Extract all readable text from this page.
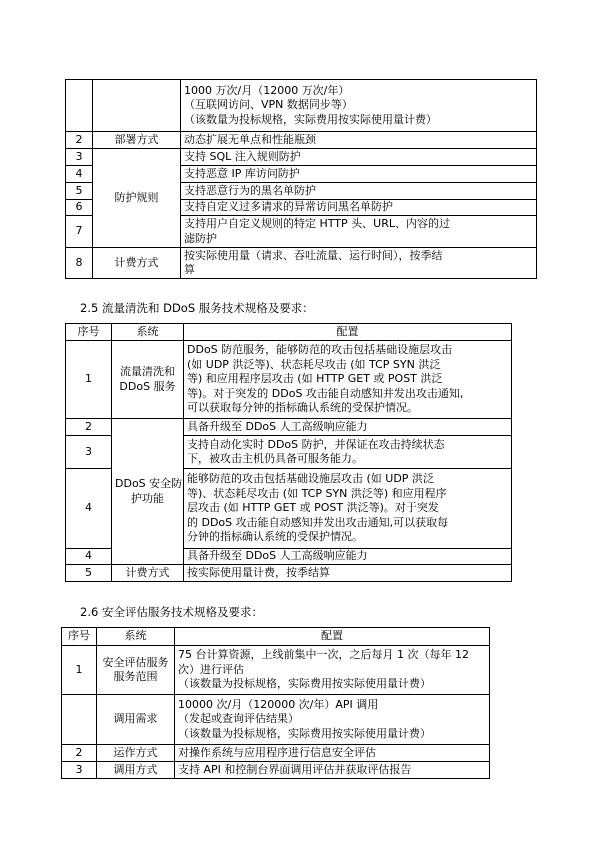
		1000 万次/月（12000 万次/年）
（互联网访问、VPN 数据同步等）
（该数量为投标规格，实际费用按实际使用量计费）

2	部署方式	动态扩展无单点和性能瓶颈

3	防护规则	支持 SQL 注入规则防护

4		支持恶意 IP 库访问防护

5		支持恶意行为的黑名单防护

6		支持自定义过多请求的异常访问黑名单防护

7		支持用户自定义规则的特定 HTTP 头、URL、内容的过
滤防护

8	计费方式	按实际使用量（请求、吞吐流量、运行时间），按季结
算
2.5 流量清洗和 DDoS 服务技术规格及要求：
序号	系统	配置
1	流量清洗和
DDoS 服务	DDoS 防范服务，能够防范的攻击包括基础设施层攻击
(如 UDP 洪泛等)、状态耗尽攻击 (如 TCP SYN 洪泛
等) 和应用程序层攻击 (如 HTTP GET 或 POST 洪泛
等)。对于突发的 DDoS 攻击能自动感知并发出攻击通知,
可以获取每分钟的指标确认系统的受保护情况。

2	DDoS 安全防
护功能	具备升级至 DDoS 人工高级响应能力

3		支持自动化实时 DDoS 防护，并保证在攻击持续状态
下，被攻击主机仍具备可服务能力。

4		能够防范的攻击包括基础设施层攻击 (如 UDP 洪泛
等)、状态耗尽攻击 (如 TCP SYN 洪泛等) 和应用程序
层攻击 (如 HTTP GET 或 POST 洪泛等)。对于突发
的 DDoS 攻击能自动感知并发出攻击通知,可以获取每
分钟的指标确认系统的受保护情况。

4		具备升级至 DDoS 人工高级响应能力

5	计费方式	按实际使用量计费，按季结算
2.6 安全评估服务技术规格及要求：
序号	系统	配置
1	安全评估服务
服务范围	75 台计算资源，上线前集中一次，之后每月 1 次（每年 12
次）进行评估
（该数量为投标规格，实际费用按实际使用量计费）

	调用需求	10000 次/月（120000 次/年）API 调用
（发起或查询评估结果）
（该数量为投标规格，实际费用按实际使用量计费）

2	运作方式	对操作系统与应用程序进行信息安全评估

3	调用方式	支持 API 和控制台界面调用评估并获取评估报告
